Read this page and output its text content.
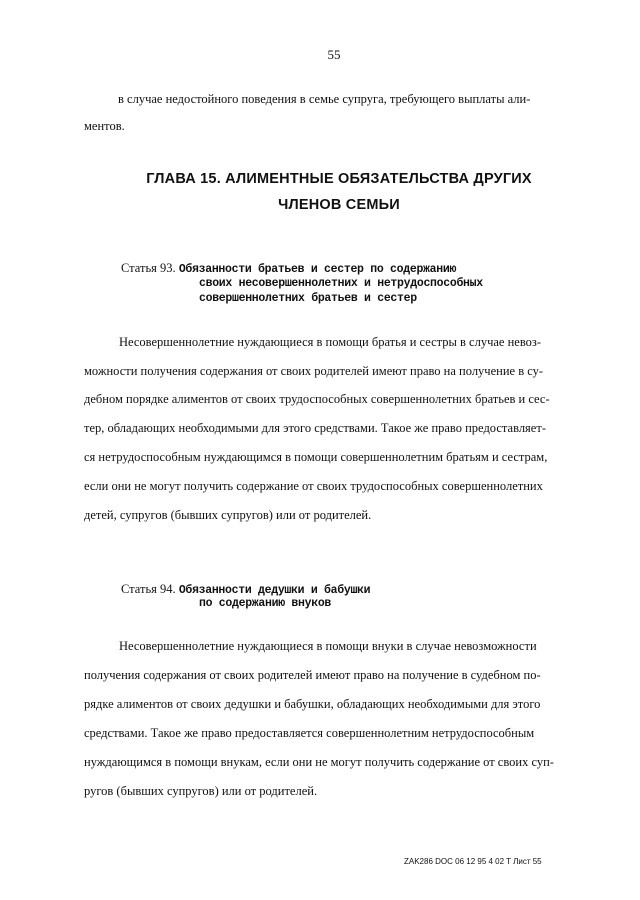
55
в случае недостойного поведения в семье супруга, требующего выплаты али-
ментов.
ГЛАВА 15. АЛИМЕНТНЫЕ ОБЯЗАТЕЛЬСТВА ДРУГИХ
ЧЛЕНОВ СЕМЬИ
Статья 93. Обязанности братьев и сестер по содержанию
своих несовершеннолетних и нетрудоспособных
совершеннолетних братьев и сестер
Несовершеннолетние нуждающиеся в помощи братья и сестры в случае невоз-
можности получения содержания от своих родителей имеют право на получение в су-
дебном порядке алиментов от своих трудоспособных совершеннолетних братьев и сес-
тер, обладающих необходимыми для этого средствами. Такое же право предоставляет-
ся нетрудоспособным нуждающимся в помощи совершеннолетним братьям и сестрам,
если они не могут получить содержание от своих трудоспособных совершеннолетних
детей, супругов (бывших супругов) или от родителей.
Статья 94. Обязанности дедушки и бабушки
по содержанию внуков
Несовершеннолетние нуждающиеся в помощи внуки в случае невозможности
получения содержания от своих родителей имеют право на получение в судебном по-
рядке алиментов от своих дедушки и бабушки, обладающих необходимыми для этого
средствами. Такое же право предоставляется совершеннолетним нетрудоспособным
нуждающимся в помощи внукам, если они не могут получить содержание от своих суп-
ругов (бывших супругов) или от родителей.
ZAK286 DOC 06 12 95 4 02 T Лист 55
